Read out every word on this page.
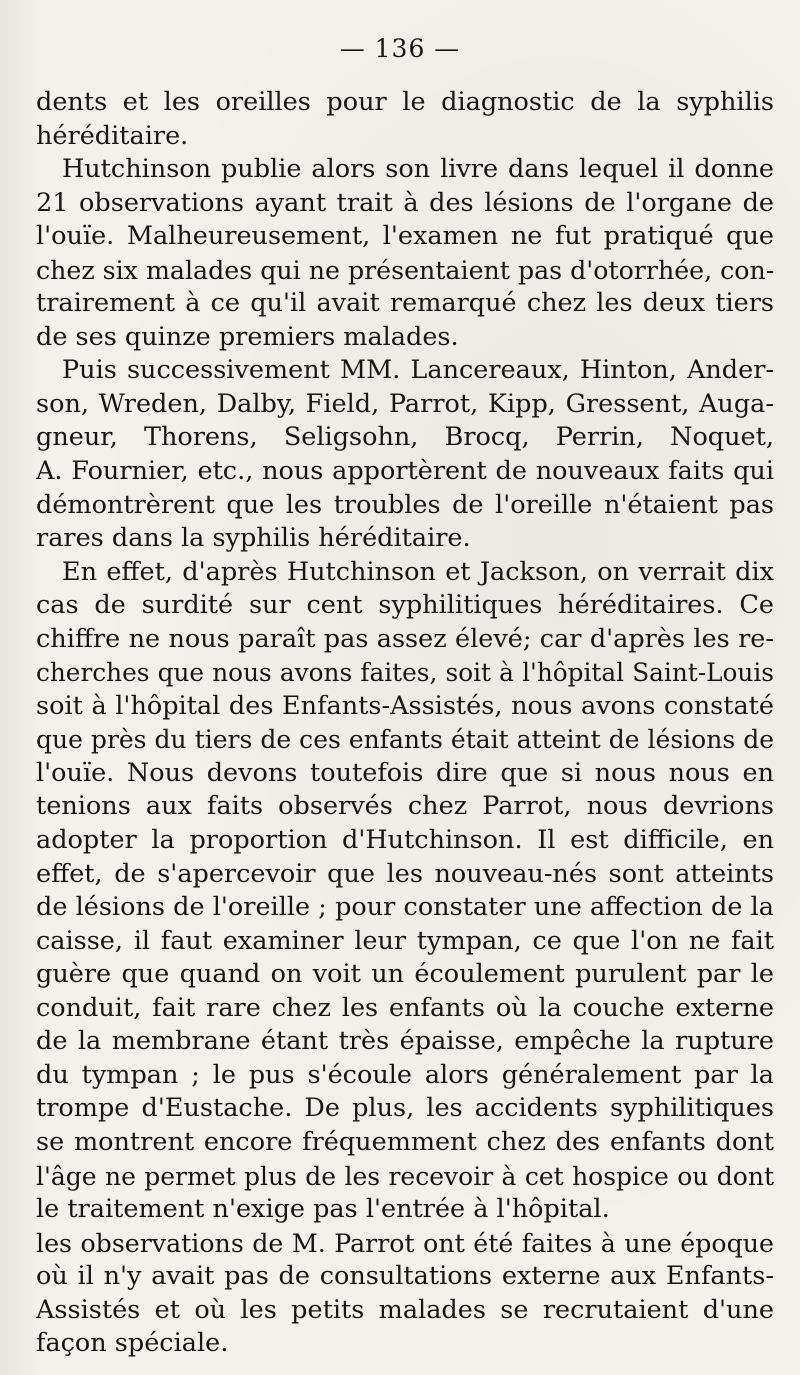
— 136 —
dents et les oreilles pour le diagnostic de la syphilis
héréditaire.
Hutchinson publie alors son livre dans lequel il donne
21 observations ayant trait à des lésions de l'organe de
l'ouïe. Malheureusement, l'examen ne fut pratiqué que
chez six malades qui ne présentaient pas d'otorrhée, con-
trairement à ce qu'il avait remarqué chez les deux tiers
de ses quinze premiers malades.
Puis successivement MM. Lancereaux, Hinton, Ander-
son, Wreden, Dalby, Field, Parrot, Kipp, Gressent, Auga-
gneur, Thorens, Seligsohn, Brocq, Perrin, Noquet,
A. Fournier, etc., nous apportèrent de nouveaux faits qui
démontrèrent que les troubles de l'oreille n'étaient pas
rares dans la syphilis héréditaire.
En effet, d'après Hutchinson et Jackson, on verrait dix
cas de surdité sur cent syphilitiques héréditaires. Ce
chiffre ne nous paraît pas assez élevé; car d'après les re-
cherches que nous avons faites, soit à l'hôpital Saint-Louis
soit à l'hôpital des Enfants-Assistés, nous avons constaté
que près du tiers de ces enfants était atteint de lésions de
l'ouïe. Nous devons toutefois dire que si nous nous en
tenions aux faits observés chez Parrot, nous devrions
adopter la proportion d'Hutchinson. Il est difficile, en
effet, de s'apercevoir que les nouveau-nés sont atteints
de lésions de l'oreille ; pour constater une affection de la
caisse, il faut examiner leur tympan, ce que l'on ne fait
guère que quand on voit un écoulement purulent par le
conduit, fait rare chez les enfants où la couche externe
de la membrane étant très épaisse, empêche la rupture
du tympan ; le pus s'écoule alors généralement par la
trompe d'Eustache. De plus, les accidents syphilitiques
se montrent encore fréquemment chez des enfants dont
l'âge ne permet plus de les recevoir à cet hospice ou dont
le traitement n'exige pas l'entrée à l'hôpital.
les observations de M. Parrot ont été faites à une époque
où il n'y avait pas de consultations externe aux Enfants-
Assistés et où les petits malades se recrutaient d'une
façon spéciale.
